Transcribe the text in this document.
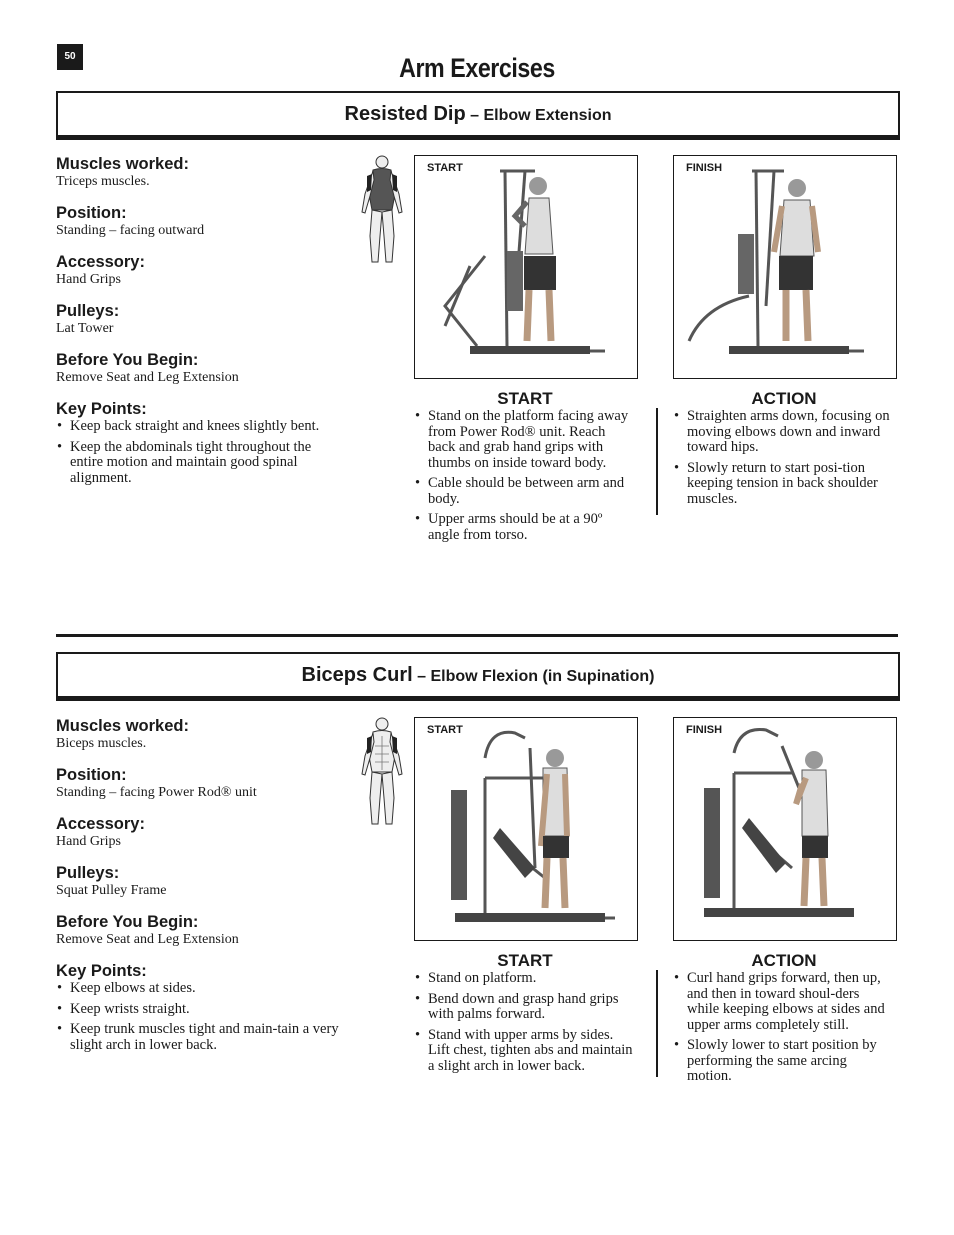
50	Arm Exercises
Resisted Dip – Elbow Extension

Muscles worked:

Triceps muscles.

Position:

Standing – facing outward

Accessory:

Hand Grips

Pulleys:

Lat Tower

Before You Begin:

Remove Seat and Leg Extension

Key Points:

• Keep back straight and knees slightly bent.
• Keep the abdominals tight throughout the entire motion and maintain good spinal alignment.
START	FINISH
START
• Stand on the platform facing away from Power Rod® unit. Reach back and grab hand grips with thumbs on inside toward body.
• Cable should be between arm and body.
• Upper arms should be at a 90º angle from torso.
ACTION
• Straighten arms down, focusing on moving elbows down and inward toward hips.
• Slowly return to start posi-tion keeping tension in back shoulder muscles.
Biceps Curl – Elbow Flexion (in Supination)

Muscles worked:

Biceps muscles.

Position:

Standing – facing Power Rod® unit

Accessory:

Hand Grips

Pulleys:

Squat Pulley Frame

Before You Begin:

Remove Seat and Leg Extension

Key Points:

• Keep elbows at sides.
• Keep wrists straight.
• Keep trunk muscles tight and main-tain a very slight arch in lower back.
START	FINISH
START
• Stand on platform.
• Bend down and grasp hand grips with palms forward.
• Stand with upper arms by sides. Lift chest, tighten abs and maintain a slight arch in lower back.
ACTION
• Curl hand grips forward, then up, and then in toward shoul-ders while keeping elbows at sides and upper arms completely still.
• Slowly lower to start position by performing the same arcing motion.
